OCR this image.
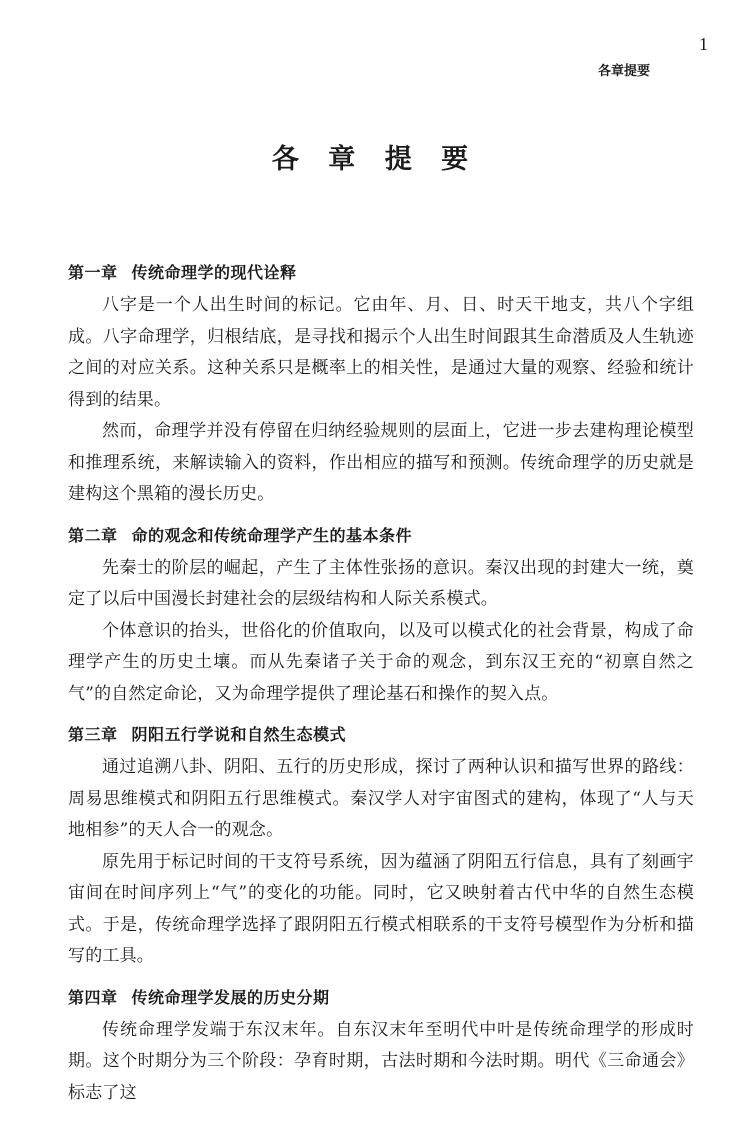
1
各章提要
各 章 提 要
第一章 传统命理学的现代诠释

八字是一个人出生时间的标记。它由年、月、日、时天干地支，共八个字组成。八字命理学，归根结底，是寻找和揭示个人出生时间跟其生命潜质及人生轨迹之间的对应关系。这种关系只是概率上的相关性，是通过大量的观察、经验和统计得到的结果。

然而，命理学并没有停留在归纳经验规则的层面上，它进一步去建构理论模型和推理系统，来解读输入的资料，作出相应的描写和预测。传统命理学的历史就是建构这个黑箱的漫长历史。

第二章 命的观念和传统命理学产生的基本条件

先秦士的阶层的崛起，产生了主体性张扬的意识。秦汉出现的封建大一统，奠定了以后中国漫长封建社会的层级结构和人际关系模式。

个体意识的抬头，世俗化的价值取向，以及可以模式化的社会背景，构成了命理学产生的历史土壤。而从先秦诸子关于命的观念，到东汉王充的“初禀自然之气”的自然定命论，又为命理学提供了理论基石和操作的契入点。

第三章 阴阳五行学说和自然生态模式

通过追溯八卦、阴阳、五行的历史形成，探讨了两种认识和描写世界的路线：周易思维模式和阴阳五行思维模式。秦汉学人对宇宙图式的建构，体现了“人与天地相参”的天人合一的观念。

原先用于标记时间的干支符号系统，因为蕴涵了阴阳五行信息，具有了刻画宇宙间在时间序列上“气”的变化的功能。同时，它又映射着古代中华的自然生态模式。于是，传统命理学选择了跟阴阳五行模式相联系的干支符号模型作为分析和描写的工具。

第四章 传统命理学发展的历史分期

传统命理学发端于东汉末年。自东汉末年至明代中叶是传统命理学的形成时期。这个时期分为三个阶段：孕育时期，古法时期和今法时期。明代《三命通会》标志了这
